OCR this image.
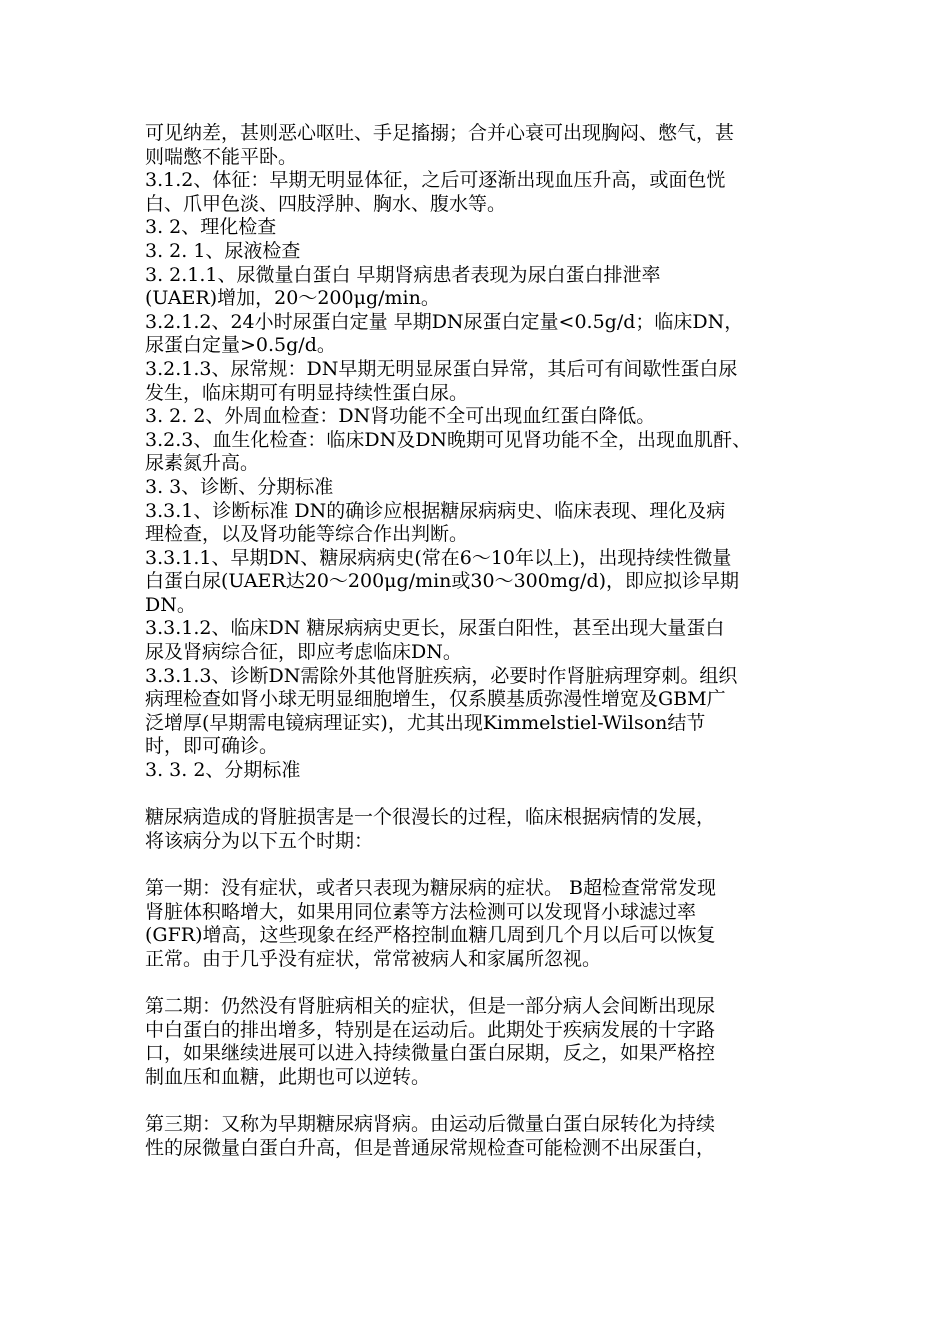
可见纳差，甚则恶心呕吐、手足搐搦；合并心衰可出现胸闷、憋气，甚
则喘憋不能平卧。
3.1.2、体征：早期无明显体征，之后可逐渐出现血压升高，或面色恍
白、爪甲色淡、四肢浮肿、胸水、腹水等。
3. 2、理化检查
3. 2. 1、尿液检查
3. 2.1.1、尿微量白蛋白 早期肾病患者表现为尿白蛋白排泄率
(UAER)增加，20～200μg/min。
3.2.1.2、24小时尿蛋白定量 早期DN尿蛋白定量<0.5g/d；临床DN，
尿蛋白定量>0.5g/d。
3.2.1.3、尿常规：DN早期无明显尿蛋白异常，其后可有间歇性蛋白尿
发生，临床期可有明显持续性蛋白尿。
3. 2. 2、外周血检查：DN肾功能不全可出现血红蛋白降低。
3.2.3、血生化检查：临床DN及DN晚期可见肾功能不全，出现血肌酐、
尿素氮升高。
3. 3、诊断、分期标准
3.3.1、诊断标准 DN的确诊应根据糖尿病病史、临床表现、理化及病
理检查，以及肾功能等综合作出判断。
3.3.1.1、早期DN、糖尿病病史(常在6～10年以上)，出现持续性微量
白蛋白尿(UAER达20～200μg/min或30～300mg/d)，即应拟诊早期
DN。
3.3.1.2、临床DN 糖尿病病史更长，尿蛋白阳性，甚至出现大量蛋白
尿及肾病综合征，即应考虑临床DN。
3.3.1.3、诊断DN需除外其他肾脏疾病，必要时作肾脏病理穿刺。组织
病理检查如肾小球无明显细胞增生，仅系膜基质弥漫性增宽及GBM广
泛增厚(早期需电镜病理证实)，尤其出现Kimmelstiel-Wilson结节
时，即可确诊。
3. 3. 2、分期标准
糖尿病造成的肾脏损害是一个很漫长的过程，临床根据病情的发展，
将该病分为以下五个时期：
第一期：没有症状，或者只表现为糖尿病的症状。 B超检查常常发现
肾脏体积略增大，如果用同位素等方法检测可以发现肾小球滤过率
(GFR)增高，这些现象在经严格控制血糖几周到几个月以后可以恢复
正常。由于几乎没有症状，常常被病人和家属所忽视。
第二期：仍然没有肾脏病相关的症状，但是一部分病人会间断出现尿
中白蛋白的排出增多，特别是在运动后。此期处于疾病发展的十字路
口，如果继续进展可以进入持续微量白蛋白尿期，反之，如果严格控
制血压和血糖，此期也可以逆转。
第三期：又称为早期糖尿病肾病。由运动后微量白蛋白尿转化为持续
性的尿微量白蛋白升高，但是普通尿常规检查可能检测不出尿蛋白，
